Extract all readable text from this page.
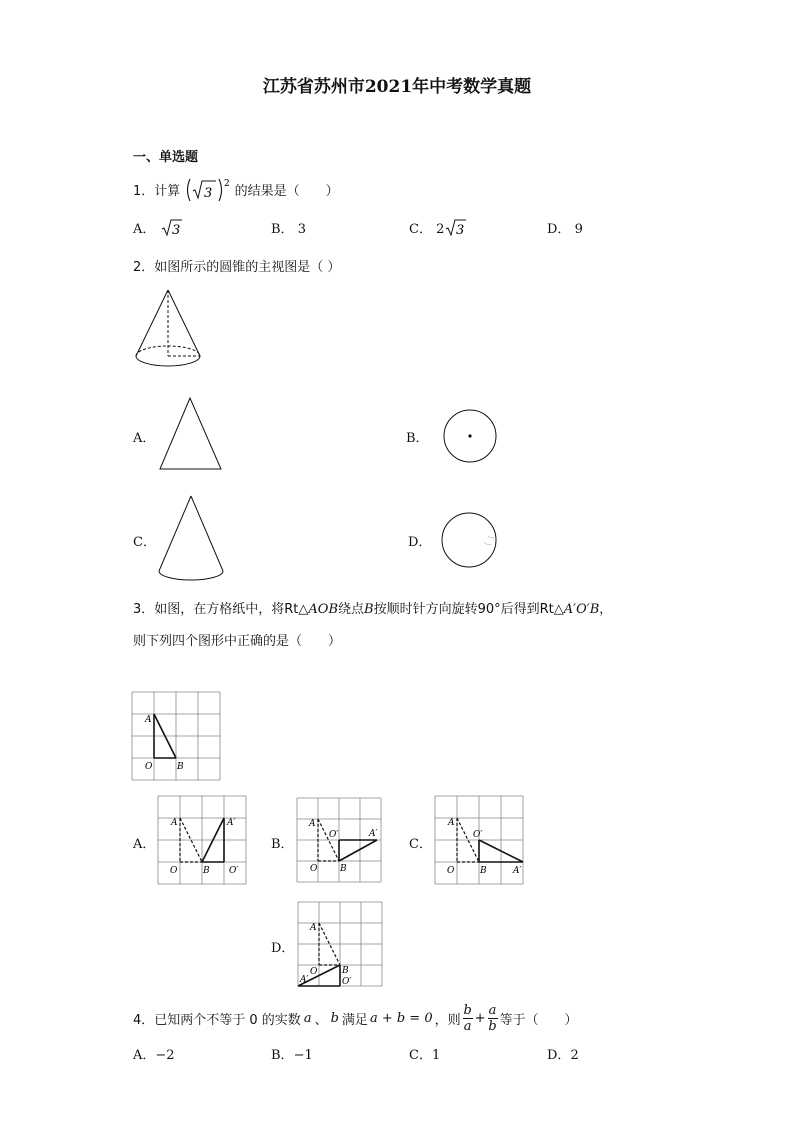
江苏省苏州市2021年中考数学真题
一、单选题
1．计算 3
2 的结果是（　　）
A． 3	B． 3	C． 2 3	D． 9
2．如图所示的圆锥的主视图是（ ）
A．	B．
C．	D．
3．如图，在方格纸中，将Rt△AOB绕点B按顺时针方向旋转90°后得到Rt△A′O′B，
则下列四个图形中正确的是（　　）
A
O	B
A．
A	A′
O	B O′
B．
A
O′	A′
O	B
C．
A
O′
O	B	A′
D．
A
O	B
A′	O′
4．已知两个不等于 0 的实数 a 、 b 满足 a + b = 0 ，则
b
a
+
a
b 等于（　　）
A．−2	B．−1	C．1	D．2
